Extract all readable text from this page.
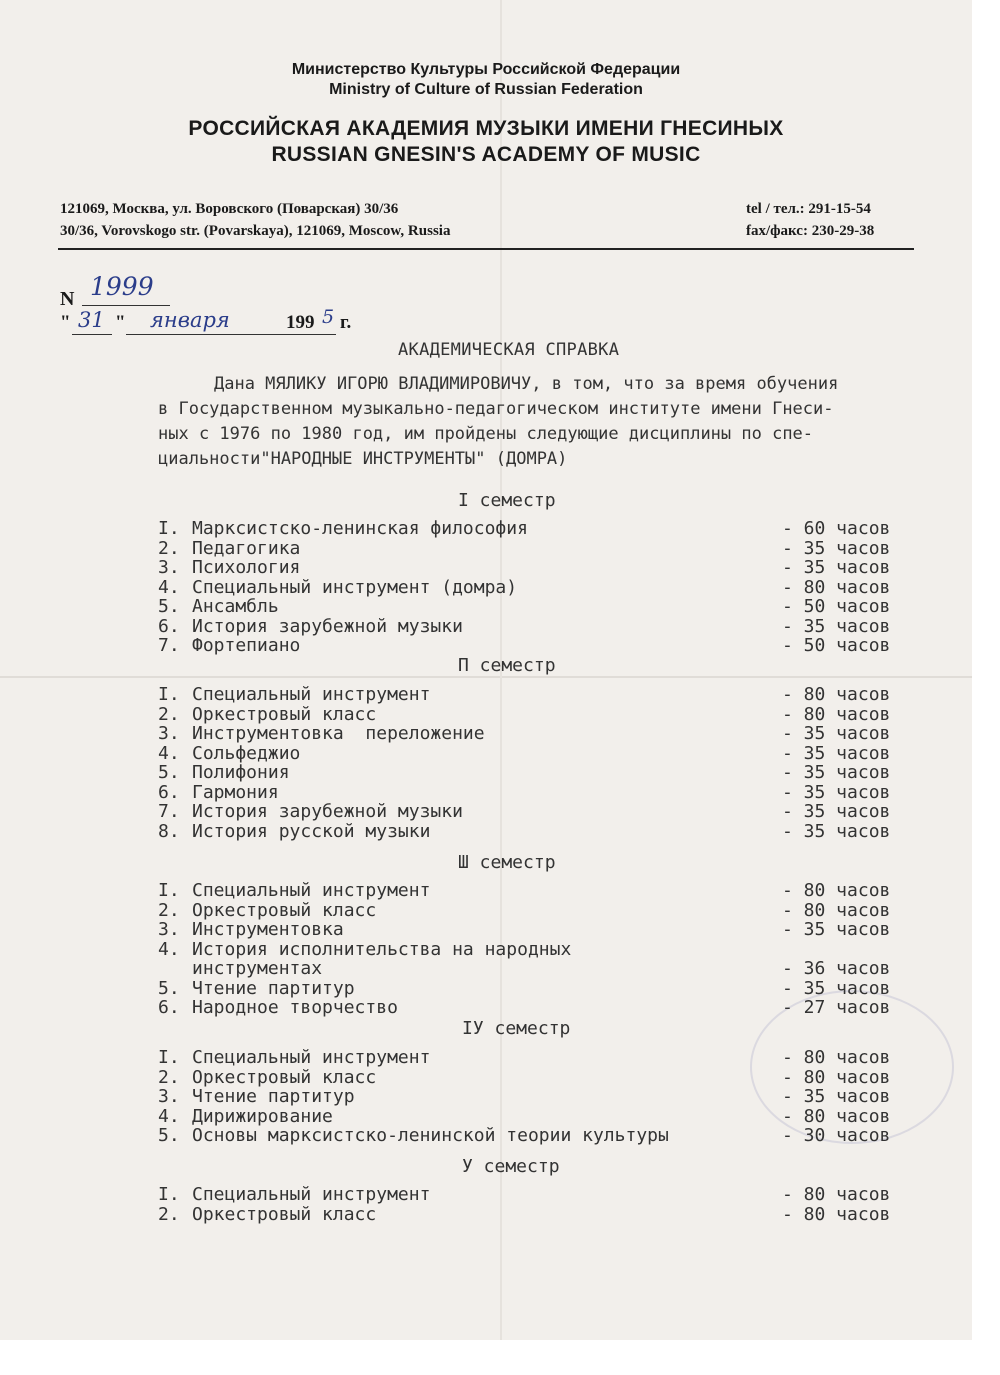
Министерство Культуры Российской Федерации
Ministry of Culture of Russian Federation
РОССИЙСКАЯ АКАДЕМИЯ МУЗЫКИ ИМЕНИ ГНЕСИНЫХ
RUSSIAN GNESIN'S ACADEMY OF MUSIC
121069, Москва, ул. Воровского (Поварская) 30/36
30/36, Vorovskogo str. (Povarskaya), 121069, Moscow, Russia
tel / тел.: 291-15-54
fax/факс: 230-29-38
N 1999
" 31 " января	199 5 г.
АКАДЕМИЧЕСКАЯ СПРАВКА
Дана МЯЛИКУ ИГОРЮ ВЛАДИМИРОВИЧУ, в том, что за время обучения
в Государственном музыкально-педагогическом институте имени Гнеси-
ных с 1976 по 1980 год, им пройдены следующие дисциплины по спе-
циальности"НАРОДНЫЕ ИНСТРУМЕНТЫ" (ДОМРА)
I семестр
I. Марксистско-ленинская философия	- 60 часов
2. Педагогика	- 35 часов
3. Психология	- 35 часов
4. Специальный инструмент (домра)	- 80 часов
5. Ансамбль	- 50 часов
6. История зарубежной музыки	- 35 часов
7. Фортепиано	- 50 часов
П семестр
I. Специальный инструмент	- 80 часов
2. Оркестровый класс	- 80 часов
3. Инструментовка  переложение	- 35 часов
4. Сольфеджио	- 35 часов
5. Полифония	- 35 часов
6. Гармония	- 35 часов
7. История зарубежной музыки	- 35 часов
8. История русской музыки	- 35 часов
Ш семестр
I. Специальный инструмент	- 80 часов
2. Оркестровый класс	- 80 часов
3. Инструментовка	- 35 часов
4. История исполнительства на народных
инструментах	- 36 часов
5. Чтение партитур	- 35 часов
6. Народное творчество	- 27 часов
IУ семестр
I. Специальный инструмент	- 80 часов
2. Оркестровый класс	- 80 часов
3. Чтение партитур	- 35 часов
4. Дирижирование	- 80 часов
5. Основы марксистско-ленинской теории культуры	- 30 часов
У семестр
I. Специальный инструмент	- 80 часов
2. Оркестровый класс	- 80 часов
